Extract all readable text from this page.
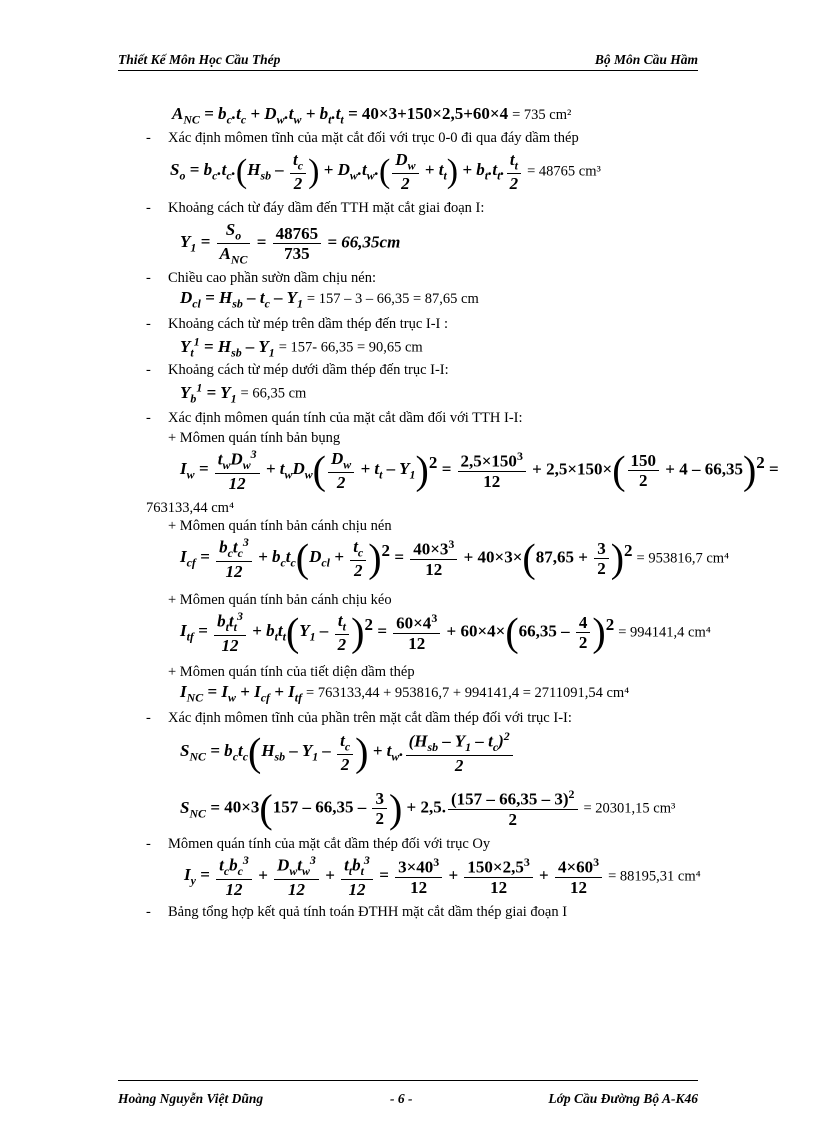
Thiết Kế Môn Học Cầu Thép	Bộ Môn Cầu Hầm
$A_{NC} = b_c.t_c + D_w.t_w + b_t.t_t = 40\times 3+150\times 2,5+60\times 4 = 735$ cm²
- Xác định mômen tĩnh của mặt cắt đối với trục 0-0 đi qua đáy dầm thép
$S_o = b_c.t_c.(H_{sb} - \frac{t_c}{2}$ ) + $D_w.t_w.( \frac{D_w}{2} + t_t) + b_t.t_t$. $\frac{t_t}{2} = 48765$ cm³
- Khoảng cách từ đáy dầm đến TTH mặt cắt giai đoạn I:
$Y_1 = \frac{S_o}{A_{NC}} = \frac{48765}{735} = 66,35cm$
- Chiều cao phần sườn dầm chịu nén:
$D_{cl} = H_{sb} - t_c - Y_1 = 157 - 3 - 66,35 = 87,65$ cm
- Khoảng cách từ mép trên dầm thép đến trục I-I :
$Y_t^1 = H_{sb} - Y_1 = 157-$ 66,35 = 90,65 cm
- Khoảng cách từ mép dưới dầm thép đến trục I-I:
$Y_b^1 = Y_1 = 66,35$ cm
- Xác định mômen quán tính của mặt cắt dầm đối với TTH I-I:
+ Mômen quán tính bản bụng
$I_w = \frac{t_wD_w^3}{12} + t_wD_w( \frac{D_w}{2} + t_t - Y_1)^2 = \frac{2,5\times 150^3}{12} + 2,5\times 150\times( \frac{150}{2} + 4 - 66,35)^2$ =
763133,44 cm⁴
+ Mômen quán tính bản cánh chịu nén
$I_{cf} = \frac{b_ct_c^3}{12} + b_ct_c(D_{cl} + \frac{t_c}{2} )^2 = \frac{40\times 3^3}{12} + 40\times 3\times(87,65 + \frac{3}{2} )^2 = 953816,7$ cm⁴
+ Mômen quán tính bản cánh chịu kéo
$I_{tf} = \frac{b_tt_t^3}{12} + b_tt_t(Y_1 - \frac{t_t}{2} )^2 = \frac{60\times 4^3}{12} + 60\times 4\times(66,35 - \frac{4}{2} )^2 = 994141,4$ cm⁴
+ Mômen quán tính của tiết diện dầm thép
$I_{NC} = I_w + I_{cf} + I_{tf} = 763133,44 + 953816,7 + 994141,4 = 2711091,54$ cm⁴
- Xác định mômen tĩnh của phần trên mặt cắt dầm thép đối với trục I-I:
$S_{NC} = b_ct_c(H_{sb} - Y_1 - \frac{t_c}{2}$ ) + $t_w$. $\frac{(H_{sb} - Y_1 - t_c)^2}{2}$
$S_{NC} = 40\times 3(157 - 66,35 - \frac{3}{2}$ ) + 2,5. $\frac{(157 - 66,35 - 3)^2}{2} = 20301,15$ cm³
- Mômen quán tính của mặt cắt dầm thép đối với trục Oy
$I_y = \frac{t_cb_c^3}{12} + \frac{D_wt_w^3}{12} + \frac{t_tb_t^3}{12} = \frac{3\times 40^3}{12} + \frac{150\times 2,5^3}{12} + \frac{4\times 60^3}{12} = 88195,31$ cm⁴
- Bảng tổng hợp kết quả tính toán ĐTHH mặt cắt dầm thép giai đoạn I
Hoàng Nguyễn Việt Dũng	- 6 -	Lớp Cầu Đường Bộ A-K46
